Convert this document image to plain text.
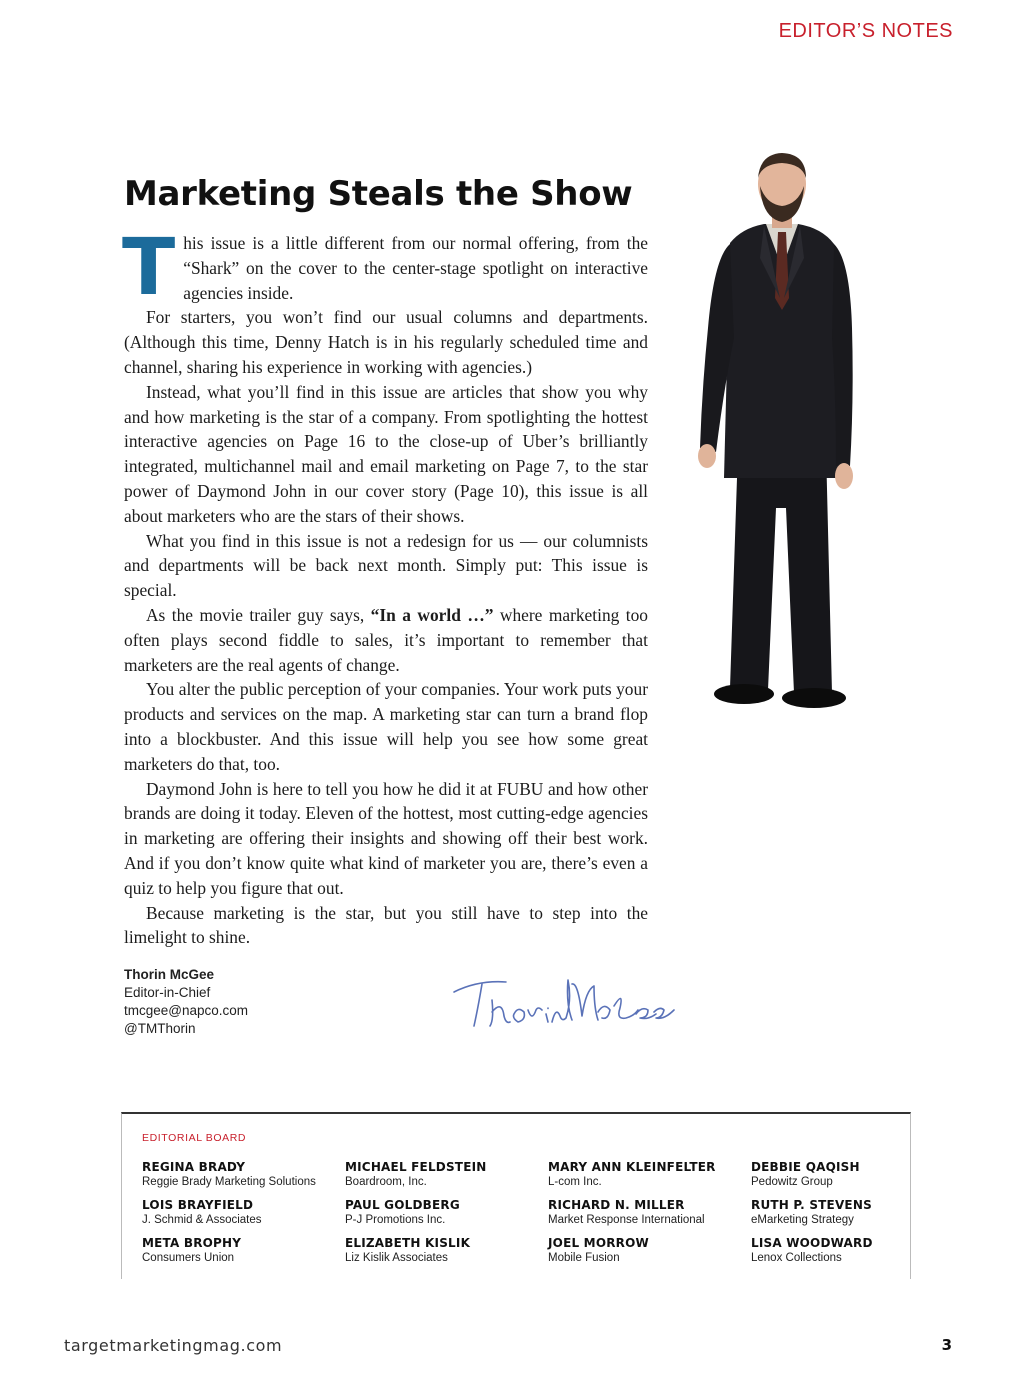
EDITOR’S NOTES
Marketing Steals the Show

This issue is a little different from our normal offering, from the “Shark” on the cover to the center-stage spotlight on interactive agencies inside.

For starters, you won’t find our usual columns and departments. (Although this time, Denny Hatch is in his regularly scheduled time and channel, sharing his experience in working with agencies.)

Instead, what you’ll find in this issue are articles that show you why and how marketing is the star of a company. From spotlighting the hottest interactive agencies on Page 16 to the close-up of Uber’s brilliantly integrated, multichannel mail and email marketing on Page 7, to the star power of Daymond John in our cover story (Page 10), this issue is all about marketers who are the stars of their shows.

What you find in this issue is not a redesign for us — our columnists and departments will be back next month. Simply put: This issue is special.

As the movie trailer guy says, “In a world …” where marketing too often plays second fiddle to sales, it’s important to remember that marketers are the real agents of change.

You alter the public perception of your companies. Your work puts your products and services on the map. A marketing star can turn a brand flop into a blockbuster. And this issue will help you see how some great marketers do that, too.

Daymond John is here to tell you how he did it at FUBU and how other brands are doing it today. Eleven of the hottest, most cutting-edge agencies in marketing are offering their insights and showing off their best work. And if you don’t know quite what kind of marketer you are, there’s even a quiz to help you figure that out.

Because marketing is the star, but you still have to step into the limelight to shine.

Thorin McGee
Editor-in-Chief
tmcgee@napco.com
@TMThorin
Thorin McGee
EDITORIAL BOARD
REGINA BRADY
Reggie Brady Marketing Solutions
MICHAEL FELDSTEIN
Boardroom, Inc.
MARY ANN KLEINFELTER
L-com Inc.
DEBBIE QAQISH
Pedowitz Group
LOIS BRAYFIELD
J. Schmid & Associates
PAUL GOLDBERG
P-J Promotions Inc.
RICHARD N. MILLER
Market Response International
RUTH P. STEVENS
eMarketing Strategy
META BROPHY
Consumers Union
ELIZABETH KISLIK
Liz Kislik Associates
JOEL MORROW
Mobile Fusion
LISA WOODWARD
Lenox Collections
targetmarketingmag.com	3
